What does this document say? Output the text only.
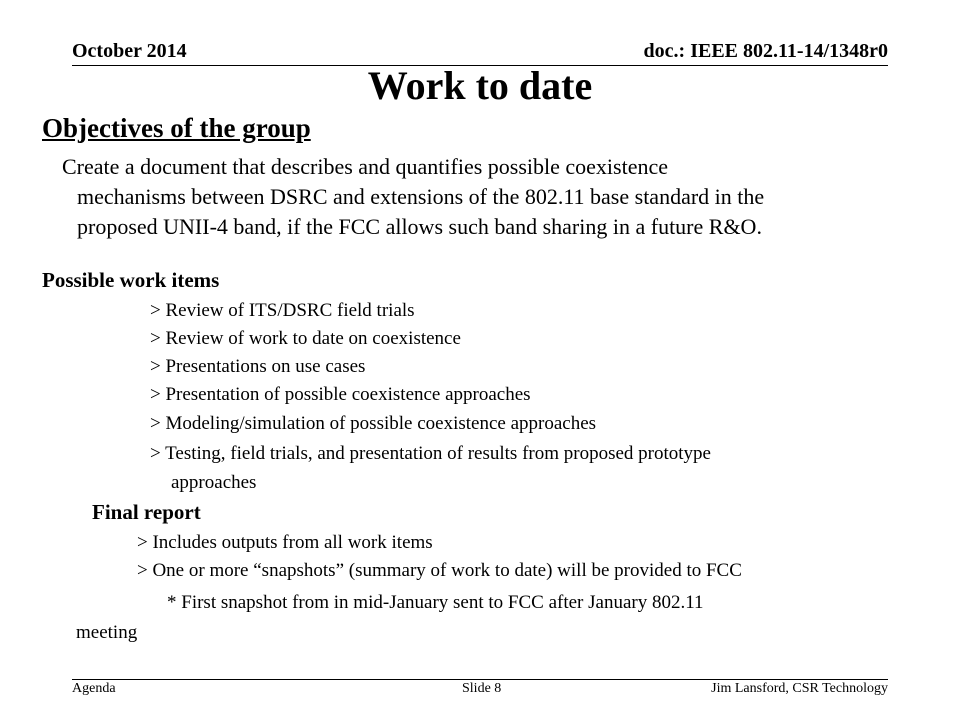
October 2014	doc.: IEEE 802.11-14/1348r0
Work to date
Objectives of the group
Create a document that describes and quantifies possible coexistence
mechanisms between DSRC and extensions of the 802.11 base standard in the
proposed UNII-4 band, if the FCC allows such band sharing in a future R&O.
Possible work items
> Review of ITS/DSRC field trials
> Review of work to date on coexistence
> Presentations on use cases
> Presentation of possible coexistence approaches
> Modeling/simulation of possible coexistence approaches
> Testing, field trials, and presentation of results from proposed prototype
approaches
Final report
> Includes outputs from all work items
> One or more “snapshots” (summary of work to date) will be provided to FCC
* First snapshot from in mid-January sent to FCC after January 802.11
meeting
Agenda	Slide 8	Jim Lansford, CSR Technology
